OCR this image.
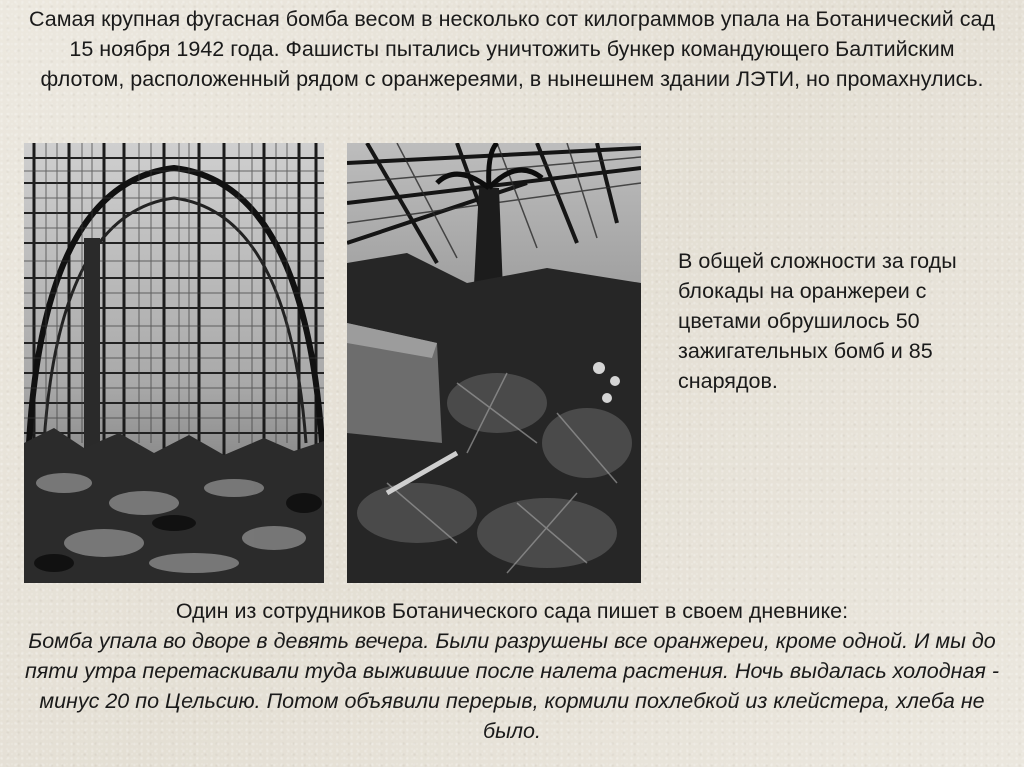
Самая крупная фугасная бомба весом в несколько сот килограммов упала на Ботанический сад 15 ноября 1942 года. Фашисты пытались уничтожить бункер командующего Балтийским флотом, расположенный рядом с оранжереями, в нынешнем здании ЛЭТИ, но промахнулись.
В общей сложности за годы блокады на оранжереи с цветами обрушилось 50 зажигательных бомб и 85 снарядов.
Один из сотрудников Ботанического сада пишет в своем дневнике:
Бомба упала во дворе в девять вечера. Были разрушены все оранжереи, кроме одной. И мы до пяти утра перетаскивали туда выжившие после налета растения. Ночь выдалась холодная - минус 20 по Цельсию. Потом объявили перерыв, кормили похлебкой из клейстера, хлеба не было.
